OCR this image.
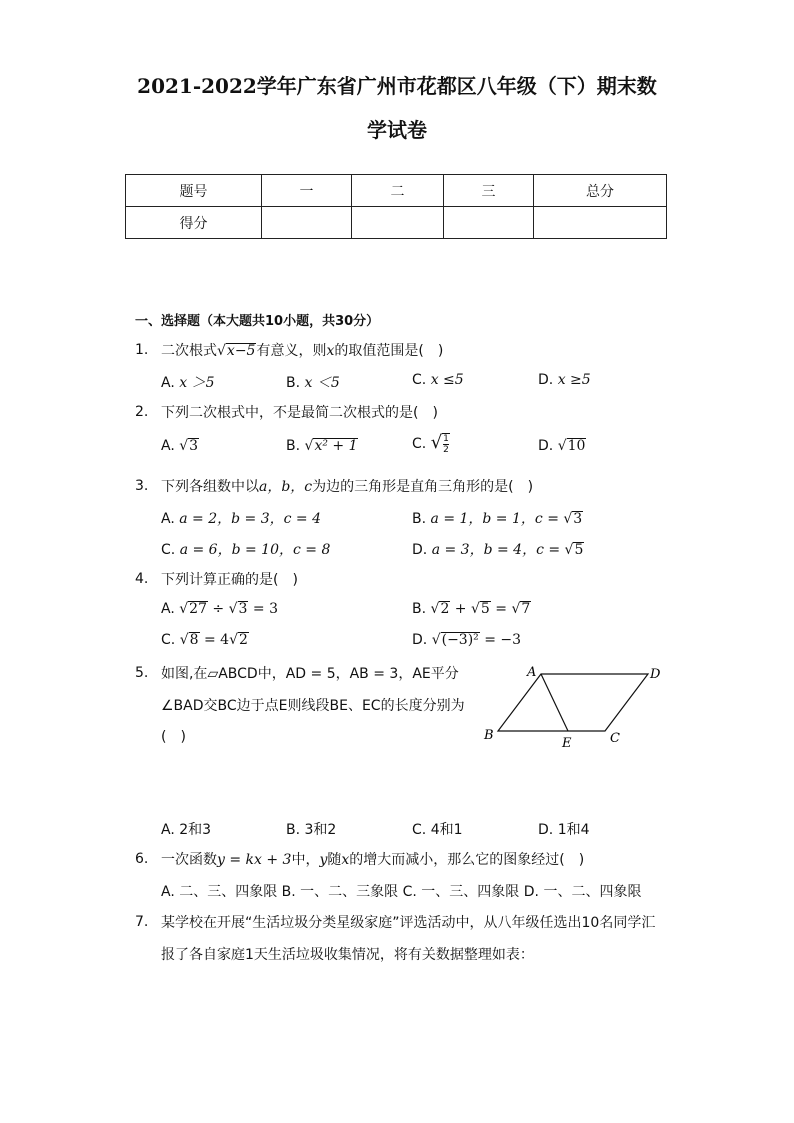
2021-2022学年广东省广州市花都区八年级（下）期末数
学试卷
题号	一	二	三	总分
得分				
一、选择题（本大题共10小题，共30分）
1. 二次根式√x−5有意义，则x的取值范围是(　)
A. x ＞5	B. x ＜5	C. x ≤5	D. x ≥5
2. 下列二次根式中，不是最简二次根式的是(　)
A. √3	B. √x² + 1	C. √ $\frac{1}{2}$	D. √10
3. 下列各组数中以a，b，c为边的三角形是直角三角形的是(　)
A. a = 2，b = 3，c = 4	B. a = 1，b = 1，c = √3
C. a = 6，b = 10，c = 8	D. a = 3，b = 4，c = √5
4. 下列计算正确的是(　)
A. √27 ÷ √3 = 3	B. √2 + √5 = √7
C. √8 = 4√2	D. √(−3)² = −3
5. 如图,在▱ABCD中，AD = 5，AB = 3，AE平分
∠BAD交BC边于点E则线段BE、EC的长度分别为
(　)
A	D
B
E	C
A. 2和3	B. 3和2	C. 4和1	D. 1和4
6. 一次函数y = kx + 3中，y随x的增大而减小，那么它的图象经过(　)
A. 二、三、四象限 B. 一、二、三象限 C. 一、三、四象限 D. 一、二、四象限
7. 某学校在开展“生活垃圾分类星级家庭”评选活动中，从八年级任选出10名同学汇
报了各自家庭1天生活垃圾收集情况，将有关数据整理如表：
